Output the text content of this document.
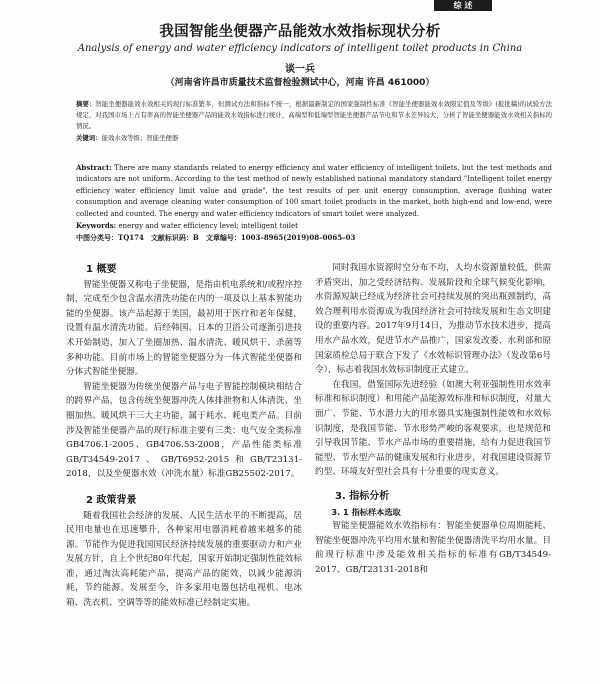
综 述
我国智能坐便器产品能效水效指标现状分析
Analysis of energy and water efficiency indicators of intelligent toilet products in China
谈一兵
（河南省许昌市质量技术监督检验测试中心，河南 许昌 461000）

摘要：智能坐便器能效水效相关的现行标准繁多，但测试方法和指标不统一，根据最新制定的国家强制性标准《智能坐便器能效水效限定值及等级》(报批稿)的试验方法规定，对我国市场上占有率高的智能坐便器产品的能效水效指标进行统计，高端型和低端型智能坐便器产品节电和节水差异较大，分析了智能坐便器能效水效相关指标的情况。

关键词：能效水效等级；智能坐便器

Abstract: There are many standards related to energy efficiency and water efficiency of intelligent toilets, but the test methods and indicators are not uniform. According to the test method of newly established national mandatory standard "Intelligent toilet energy efficiency water efficiency limit value and grade", the test results of per unit energy consumption, average flushing water consumption and average cleaning water consumption of 100 smart toilet products in the market, both high-end and low-end, were collected and counted. The energy and water efficiency indicators of smart toilet were analyzed.

Keywords: energy and water efficiency level; intelligent toilet

中图分类号：TQ174　文献标识码：B　文章编号：1003–8965(2019)08–0065–03

1 概要

智能坐便器又称电子坐便器，是指由机电系统和/或程序控制，完成至少包含温水清洗功能在内的一项及以上基本智能功能的坐便器。该产品起源于美国，最初用于医疗和老年保健，设置有温水清洗功能。后经韩国、日本的卫浴公司逐渐引进技术开始制造，加入了坐圈加热、温水清洗、暖风烘干、杀菌等多种功能。目前市场上的智能坐便器分为一体式智能坐便器和分体式智能坐便器。

智能坐便器为传统坐便器产品与电子智能控制模块相结合的跨界产品，包含传统坐便器冲洗人体排泄物和人体清洗、坐圈加热、暖风烘干三大主功能，属于耗水、耗电类产品。目前涉及智能坐便器产品的现行标准主要有三类：电气安全类标准GB4706.1-2005、GB4706.53-2008，产品性能类标准GB/T34549-2017、GB/T6952-2015和GB/T23131-2018，以及坐便器水效（冲洗水量）标准GB25502-2017。

2 政策背景

随着我国社会经济的发展、人民生活水平的不断提高，居民用电量也在迅速攀升，各种家用电器消耗着越来越多的能源。节能作为促进我国国民经济持续发展的重要驱动力和产业发展方针，自上个世纪80年代起，国家开始制定强制性能效标准，通过淘汰高耗能产品，提高产品的能效，以减少能源消耗，节约能源。发展至今，许多家用电器包括电视机、电冰箱、洗衣机、空调等等的能效标准已经制定实施。

同时我国水资源时空分布不均，人均水资源量较低，供需矛盾突出，加之受经济结构、发展阶段和全球气候变化影响，水资源短缺已经成为经济社会可持续发展的突出瓶颈制约，高效合理利用水资源成为我国经济社会可持续发展和生态文明建设的重要内容。2017年9月14日，为推动节水技术进步，提高用水产品水效，促进节水产品推广，国家发改委、水利部和原国家质检总局于联合下发了《水效标识管理办法》（发改第6号令），标志着我国水效标识制度正式建立。

在我国，借鉴国际先进经验（如澳大利亚强制性用水效率标准和标识制度）和用能产品能源效标准和标识制度，对量大面广、节能、节水潜力大的用水器具实施强制性能效和水效标识制度，是我国节能、节水形势严峻的客观要求，也是规范和引导我国节能、节水产品市场的重要措施，给有力促进我国节能型、节水型产品的健康发展和行业进步，对我国建设资源节约型、环境友好型社会具有十分重要的现实意义。

3. 指标分析

3. 1 指标样本选取

智能坐便器能效水效指标有：智能坐便器单位周期能耗、智能坐便器冲洗平均用水量和智能坐便器清洗平均用水量。目前现行标准中涉及能效相关指标的标准有GB/T34549-2017、GB/T23131-2018和
